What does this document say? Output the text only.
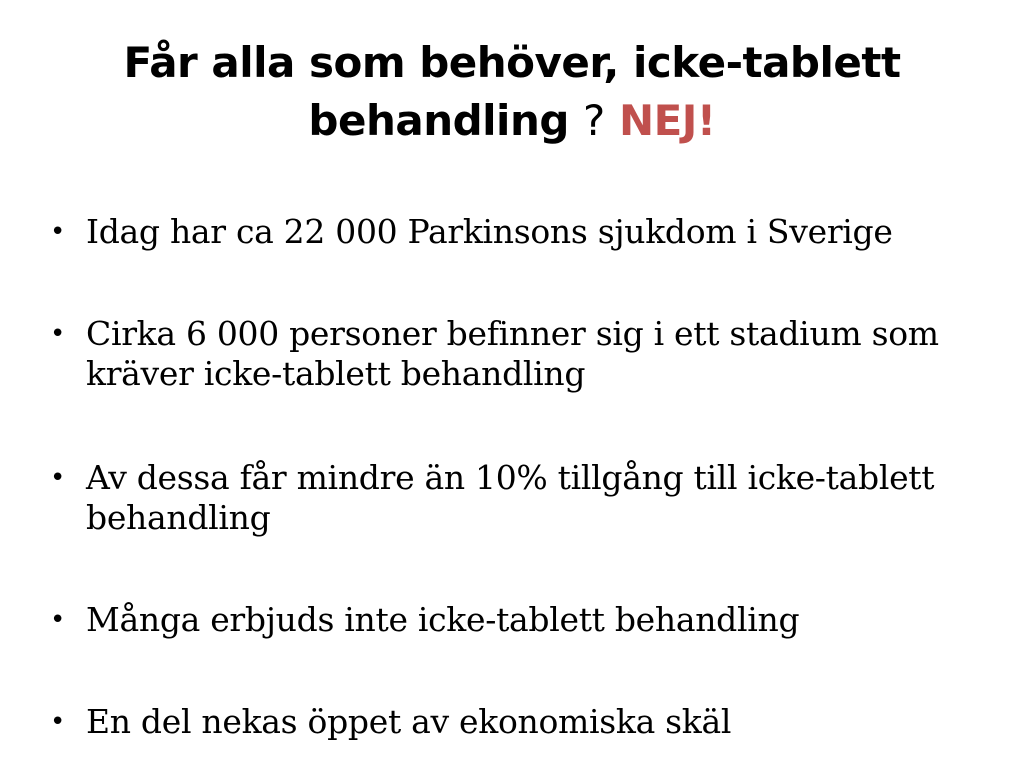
Får alla som behöver, icke-tablett
behandling ? NEJ!
• Idag har ca 22 000 Parkinsons sjukdom i Sverige
• Cirka 6 000 personer befinner sig i ett stadium som kräver icke-tablett behandling
• Av dessa får mindre än 10% tillgång till icke-tablett behandling
• Många erbjuds inte icke-tablett behandling
• En del nekas öppet av ekonomiska skäl
